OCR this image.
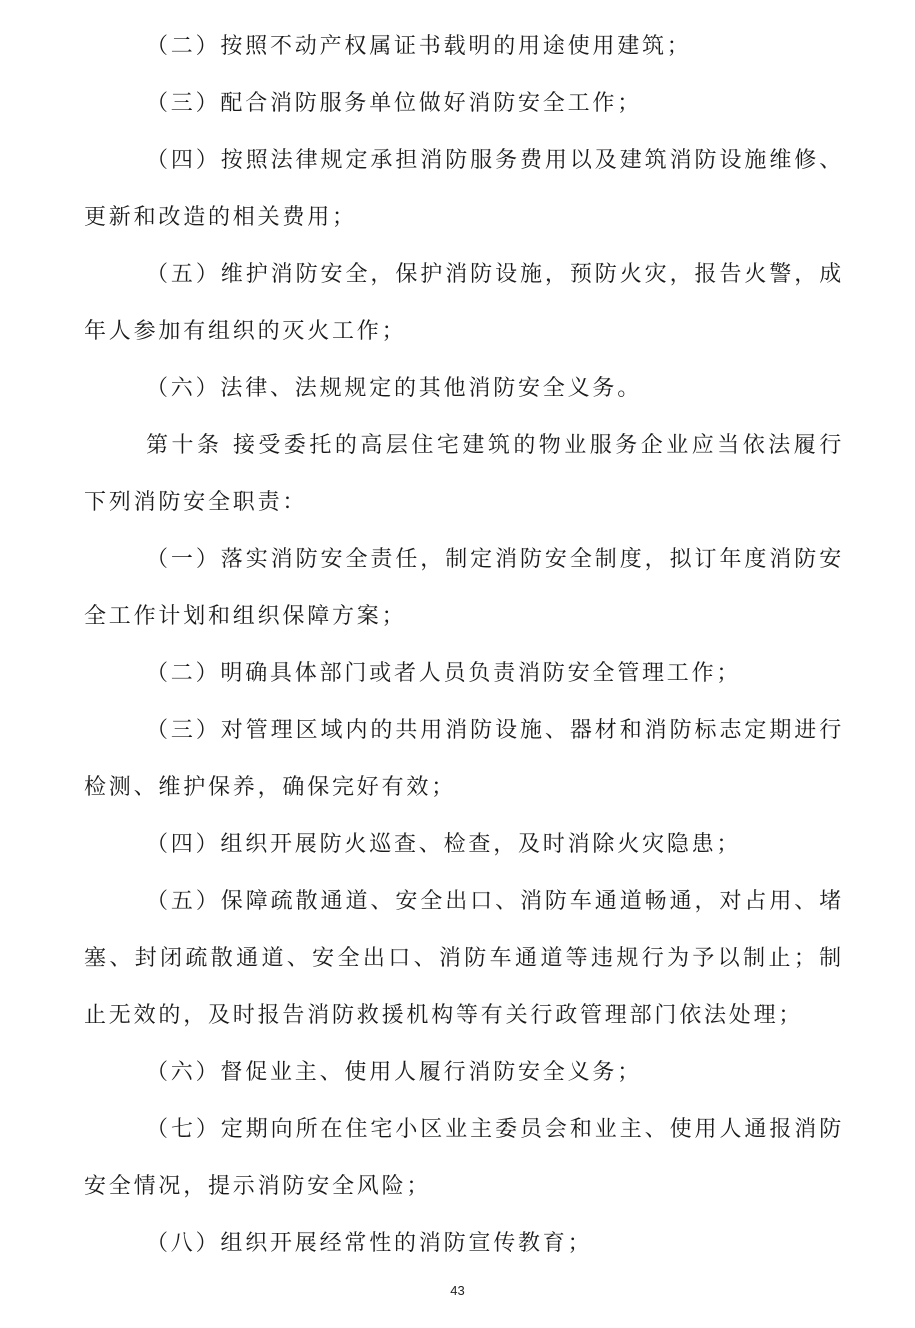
（二）按照不动产权属证书载明的用途使用建筑；

（三）配合消防服务单位做好消防安全工作；

（四）按照法律规定承担消防服务费用以及建筑消防设施维修、更新和改造的相关费用；

（五）维护消防安全，保护消防设施，预防火灾，报告火警，成年人参加有组织的灭火工作；

（六）法律、法规规定的其他消防安全义务。

第十条 接受委托的高层住宅建筑的物业服务企业应当依法履行下列消防安全职责：

（一）落实消防安全责任，制定消防安全制度，拟订年度消防安全工作计划和组织保障方案；

（二）明确具体部门或者人员负责消防安全管理工作；

（三）对管理区域内的共用消防设施、器材和消防标志定期进行检测、维护保养，确保完好有效；

（四）组织开展防火巡查、检查，及时消除火灾隐患；

（五）保障疏散通道、安全出口、消防车通道畅通，对占用、堵塞、封闭疏散通道、安全出口、消防车通道等违规行为予以制止；制止无效的，及时报告消防救援机构等有关行政管理部门依法处理；

（六）督促业主、使用人履行消防安全义务；

（七）定期向所在住宅小区业主委员会和业主、使用人通报消防安全情况，提示消防安全风险；

（八）组织开展经常性的消防宣传教育；

43
